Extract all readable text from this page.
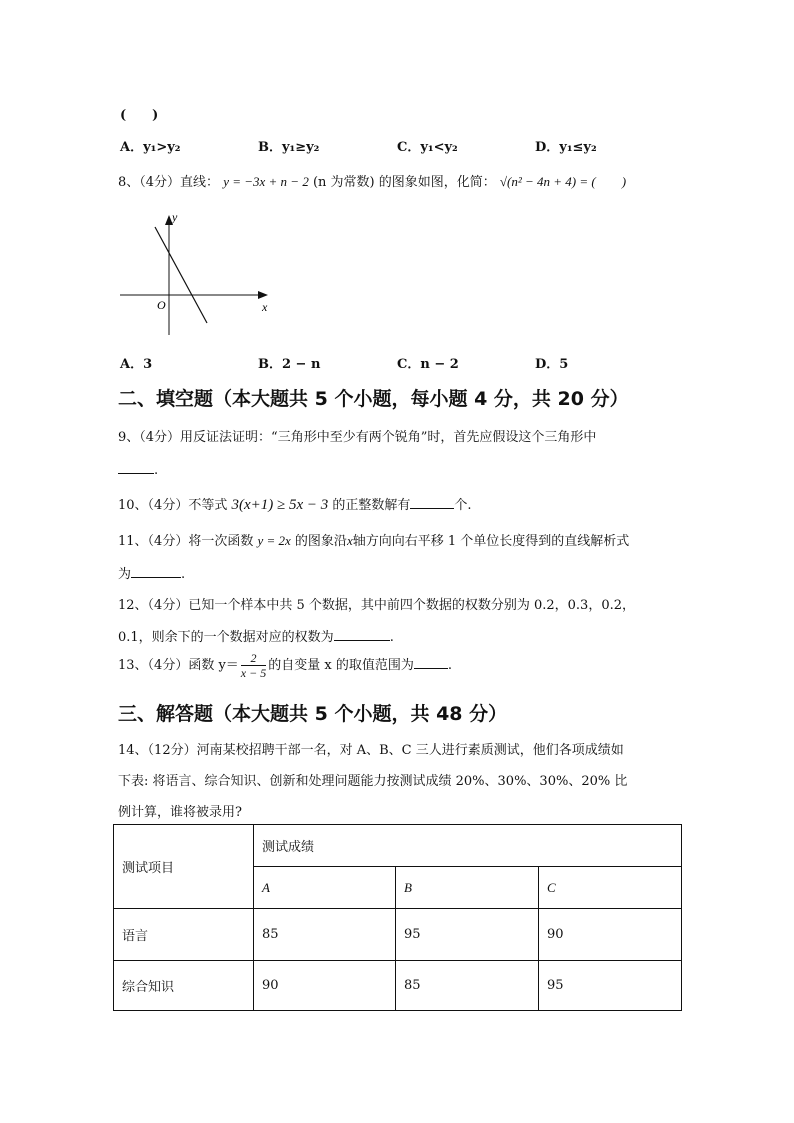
(　　)
A．y₁>y₂	B．y₁≥y₂	C．y₁<y₂	D．y₁≤y₂
8、（4分）直线： y = −3x + n − 2 (n 为常数) 的图象如图，化简： √(n² − 4n + 4) = (　　)
y
x
O
A．3	B．2 − n	C．n − 2	D．5
二、填空题（本大题共 5 个小题，每小题 4 分，共 20 分）
9、（4分）用反证法证明：“三角形中至少有两个锐角”时，首先应假设这个三角形中
.
10、（4分）不等式 3(x+1) ≥ 5x − 3 的正整数解有	个.
11、（4分）将一次函数 y = 2x 的图象沿x轴方向向右平移 1 个单位长度得到的直线解析式
为	.
12、（4分）已知一个样本中共 5 个数据，其中前四个数据的权数分别为 0.2，0.3，0.2，
0.1，则余下的一个数据对应的权数为	.
13、（4分）函数 $y= \frac{2}{x - 5}$ 的自变量 x 的取值范围为	.
三、解答题（本大题共 5 个小题，共 48 分）
14、（12分）河南某校招聘干部一名，对 A、B、C 三人进行素质测试，他们各项成绩如
下表: 将语言、综合知识、创新和处理问题能力按测试成绩 20%、30%、30%、20% 比
例计算，谁将被录用?
测试项目	测试成绩		
	A	B	C
语言	85	95	90
综合知识	90	85	95
